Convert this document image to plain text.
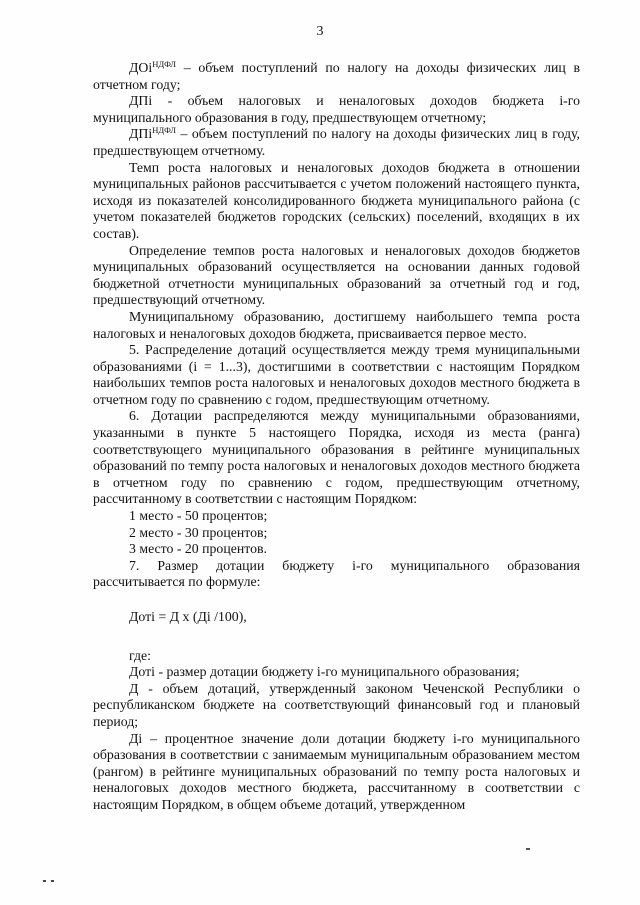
3

ДОі$^{НДФЛ}$ – объем поступлений по налогу на доходы физических лиц в отчетном году;

ДПі - объем налоговых и неналоговых доходов бюджета і-го муниципального образования в году, предшествующем отчетному;

ДПі$^{НДФЛ}$ – объем поступлений по налогу на доходы физических лиц в году, предшествующем отчетному.

Темп роста налоговых и неналоговых доходов бюджета в отношении муниципальных районов рассчитывается с учетом положений настоящего пункта, исходя из показателей консолидированного бюджета муниципального района (с учетом показателей бюджетов городских (сельских) поселений, входящих в их состав).

Определение темпов роста налоговых и неналоговых доходов бюджетов муниципальных образований осуществляется на основании данных годовой бюджетной отчетности муниципальных образований за отчетный год и год, предшествующий отчетному.

Муниципальному образованию, достигшему наибольшего темпа роста налоговых и неналоговых доходов бюджета, присваивается первое место.

5. Распределение дотаций осуществляется между тремя муниципальными образованиями (i = 1...3), достигшими в соответствии с настоящим Порядком наибольших темпов роста налоговых и неналоговых доходов местного бюджета в отчетном году по сравнению с годом, предшествующим отчетному.

6. Дотации распределяются между муниципальными образованиями, указанными в пункте 5 настоящего Порядка, исходя из места (ранга) соответствующего муниципального образования в рейтинге муниципальных образований по темпу роста налоговых и неналоговых доходов местного бюджета в отчетном году по сравнению с годом, предшествующим отчетному, рассчитанному в соответствии с настоящим Порядком:

1 место - 50 процентов;

2 место - 30 процентов;

3 место - 20 процентов.

7. Размер дотации бюджету і-го муниципального образования рассчитывается по формуле:

Дотi = Д х (Дi /100),

где:

Дотi - размер дотации бюджету і-го муниципального образования;

Д - объем дотаций, утвержденный законом Чеченской Республики о республиканском бюджете на соответствующий финансовый год и плановый период;

Дi – процентное значение доли дотации бюджету і-го муниципального образования в соответствии с занимаемым муниципальным образованием местом (рангом) в рейтинге муниципальных образований по темпу роста налоговых и неналоговых доходов местного бюджета, рассчитанному в соответствии с настоящим Порядком, в общем объеме дотаций, утвержденном
